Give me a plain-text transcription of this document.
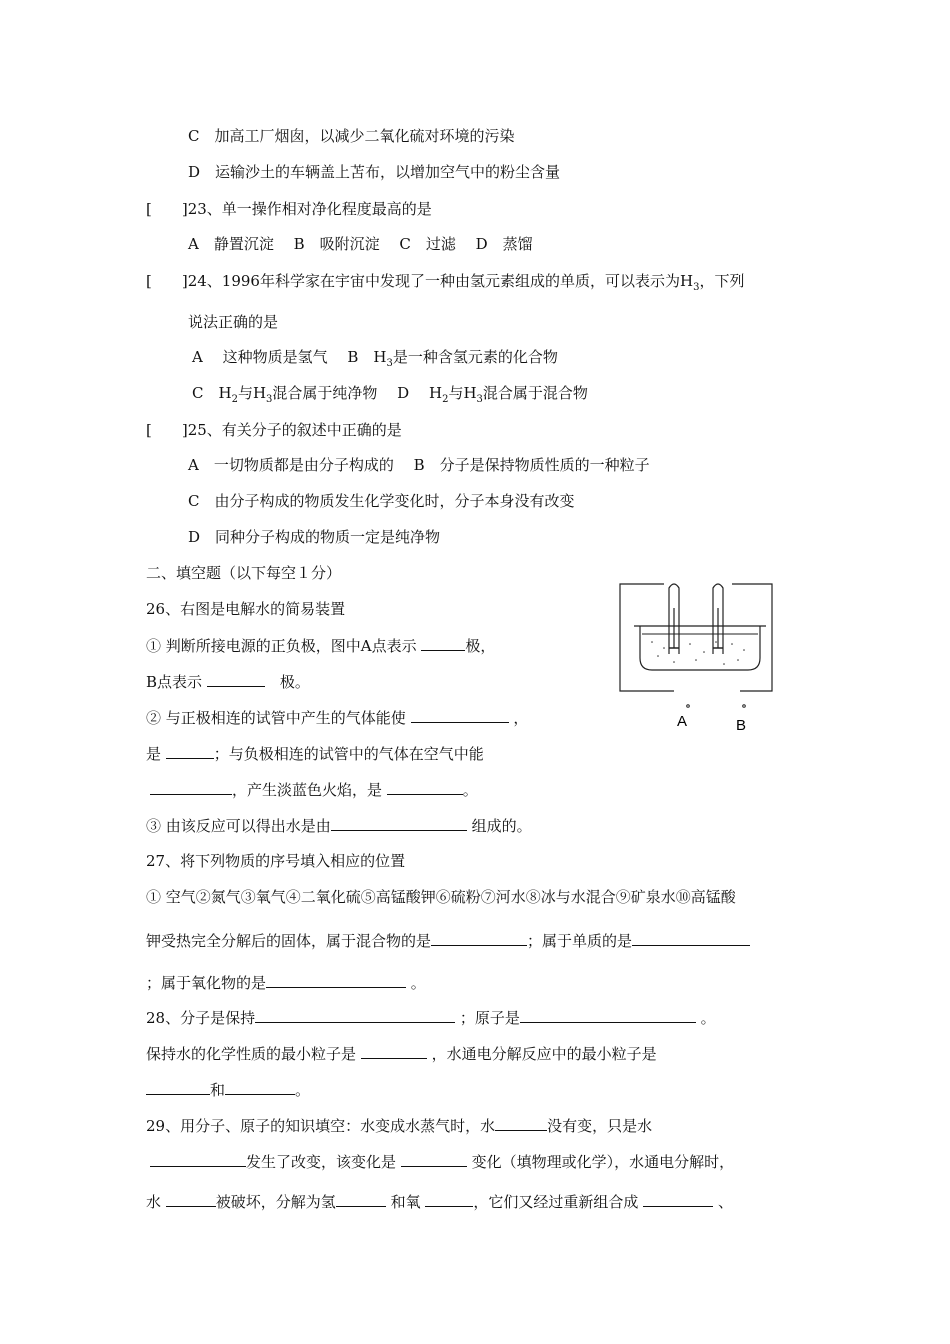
C　加高工厂烟囱，以减少二氧化硫对环境的污染
D　运输沙土的车辆盖上苫布，以增加空气中的粉尘含量
[　　]23、单一操作相对净化程度最高的是
A　静置沉淀　 B　吸附沉淀　 C　过滤　 D　蒸馏
[　　]24、1996年科学家在宇宙中发现了一种由氢元素组成的单质，可以表示为$H_3$，下列
说法正确的是
A　 这种物质是氢气　 B　$H_3$是一种含氢元素的化合物
C　$H_2$与$H_3$混合属于纯净物　 D　 $H_2$与$H_3$混合属于混合物
[　　]25、有关分子的叙述中正确的是
A　一切物质都是由分子构成的　 B　分子是保持物质性质的一种粒子
C　由分子构成的物质发生化学变化时，分子本身没有改变
D　同种分子构成的物质一定是纯净物
二、填空题（以下每空１分）
26、右图是电解水的简易装置
① 判断所接电源的正负极，图中A点表示	极，
B点表示 　	极。
② 与正极相连的试管中产生的气体能使	，
是	；与负极相连的试管中的气体在空气中能
，产生淡蓝色火焰，是	。
③ 由该反应可以得出水是由	组成的。
27、将下列物质的序号填入相应的位置
① 空气②氮气③氧气④二氧化硫⑤高锰酸钾⑥硫粉⑦河水⑧冰与水混合⑨矿泉水⑩高锰酸
钾受热完全分解后的固体，属于混合物的是	；属于单质的是
；属于氧化物的是	。
28、分子是保持	；原子是	。
保持水的化学性质的最小粒子是	，水通电分解反应中的最小粒子是
和	。
29、用分子、原子的知识填空：水变成水蒸气时，水	没有变，只是水
发生了改变，该变化是	变化（填物理或化学），水通电分解时，
水	被破坏，分解为氢	和氧	，它们又经过重新组合成	、
A	B
